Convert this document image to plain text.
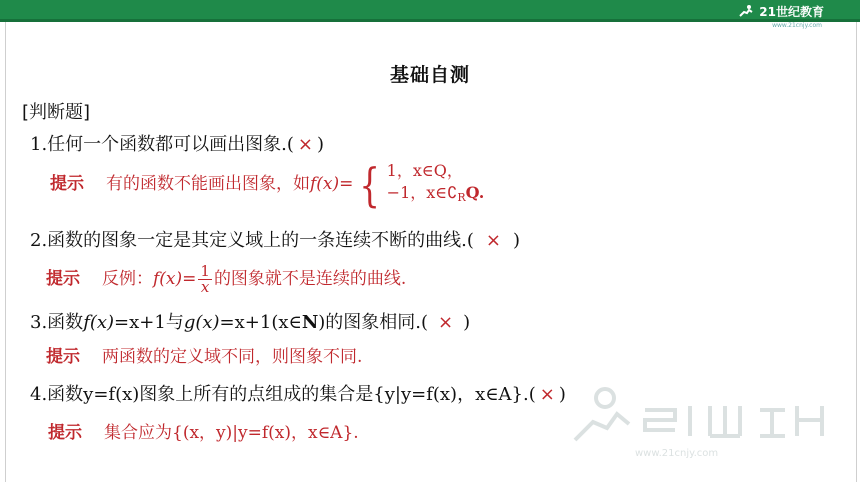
21世纪教育
www.21cnjy.com
基础自测
[判断题]
1.任何一个函数都可以画出图象.( × )
提示 有的函数不能画出图象，如f(x)= { 1，x∈Q，
−1，$x\in∁_RQ$.
2.函数的图象一定是其定义域上的一条连续不断的曲线.( × )
提示 反例：$f(x)= \frac{1}{x}$ 的图象就不是连续的曲线.
3.函数f(x)=x+1与g(x)=x+1(x∈N)的图象相同.( × )
提示 两函数的定义域不同，则图象不同.
4.函数y=f(x)图象上所有的点组成的集合是{y|y=f(x)，x∈A}.( × )
提示 集合应为{(x，y)|y=f(x)，x∈A}.
www.21cnjy.com
